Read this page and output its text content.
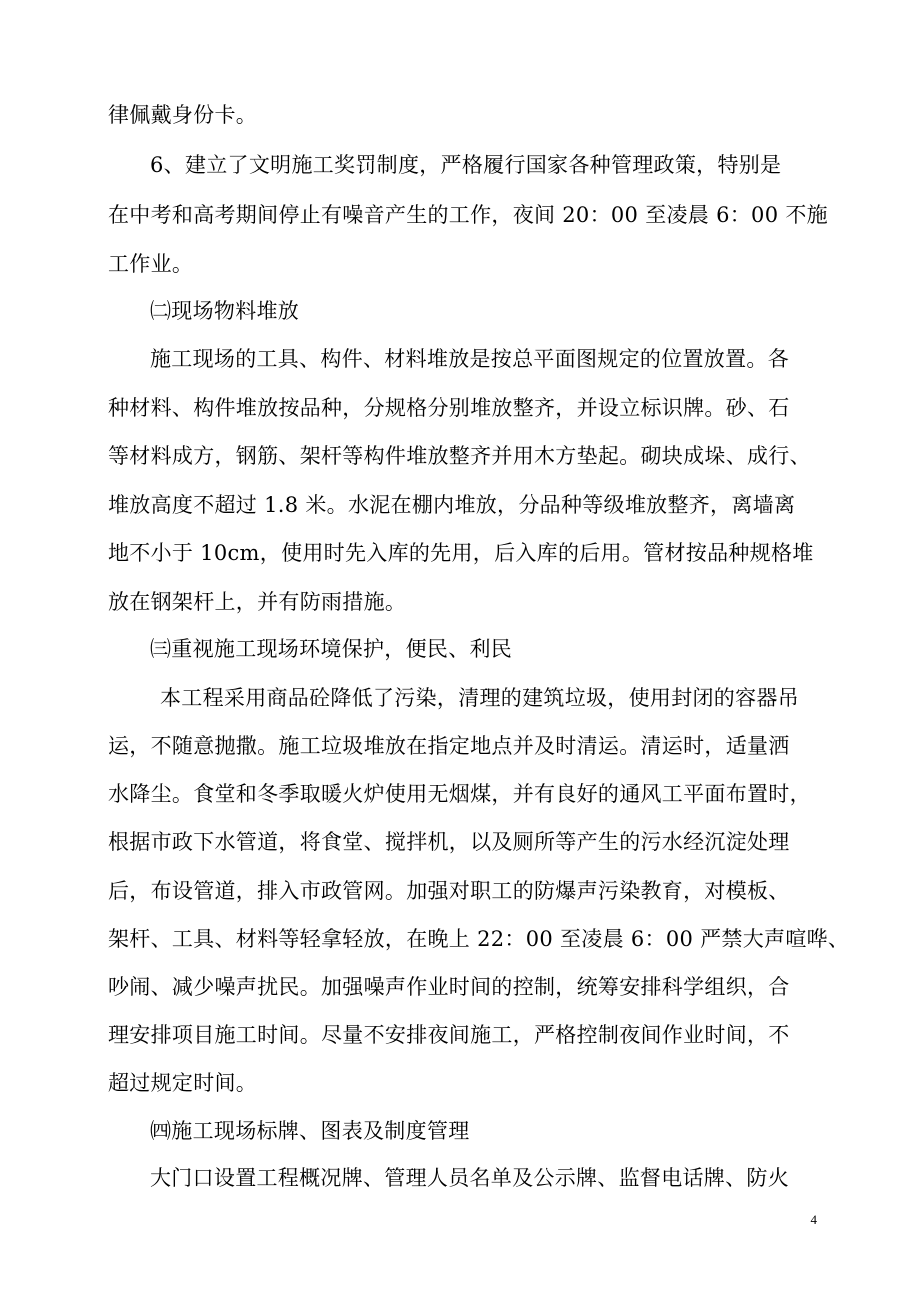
律佩戴身份卡。
6、建立了文明施工奖罚制度，严格履行国家各种管理政策，特别是
在中考和高考期间停止有噪音产生的工作，夜间 20：00 至凌晨 6：00 不施
工作业。
㈡现场物料堆放
施工现场的工具、构件、材料堆放是按总平面图规定的位置放置。各
种材料、构件堆放按品种，分规格分别堆放整齐，并设立标识牌。砂、石
等材料成方，钢筋、架杆等构件堆放整齐并用木方垫起。砌块成垛、成行、
堆放高度不超过 1.8 米。水泥在棚内堆放，分品种等级堆放整齐，离墙离
地不小于 10cm，使用时先入库的先用，后入库的后用。管材按品种规格堆
放在钢架杆上，并有防雨措施。
㈢重视施工现场环境保护，便民、利民
本工程采用商品砼降低了污染，清理的建筑垃圾，使用封闭的容器吊
运，不随意抛撒。施工垃圾堆放在指定地点并及时清运。清运时，适量洒
水降尘。食堂和冬季取暖火炉使用无烟煤，并有良好的通风工平面布置时，
根据市政下水管道，将食堂、搅拌机，以及厕所等产生的污水经沉淀处理
后，布设管道，排入市政管网。加强对职工的防爆声污染教育，对模板、
架杆、工具、材料等轻拿轻放，在晚上 22：00 至凌晨 6：00 严禁大声喧哗、
吵闹、减少噪声扰民。加强噪声作业时间的控制，统筹安排科学组织，合
理安排项目施工时间。尽量不安排夜间施工，严格控制夜间作业时间，不
超过规定时间。
㈣施工现场标牌、图表及制度管理
大门口设置工程概况牌、管理人员名单及公示牌、监督电话牌、防火
4
